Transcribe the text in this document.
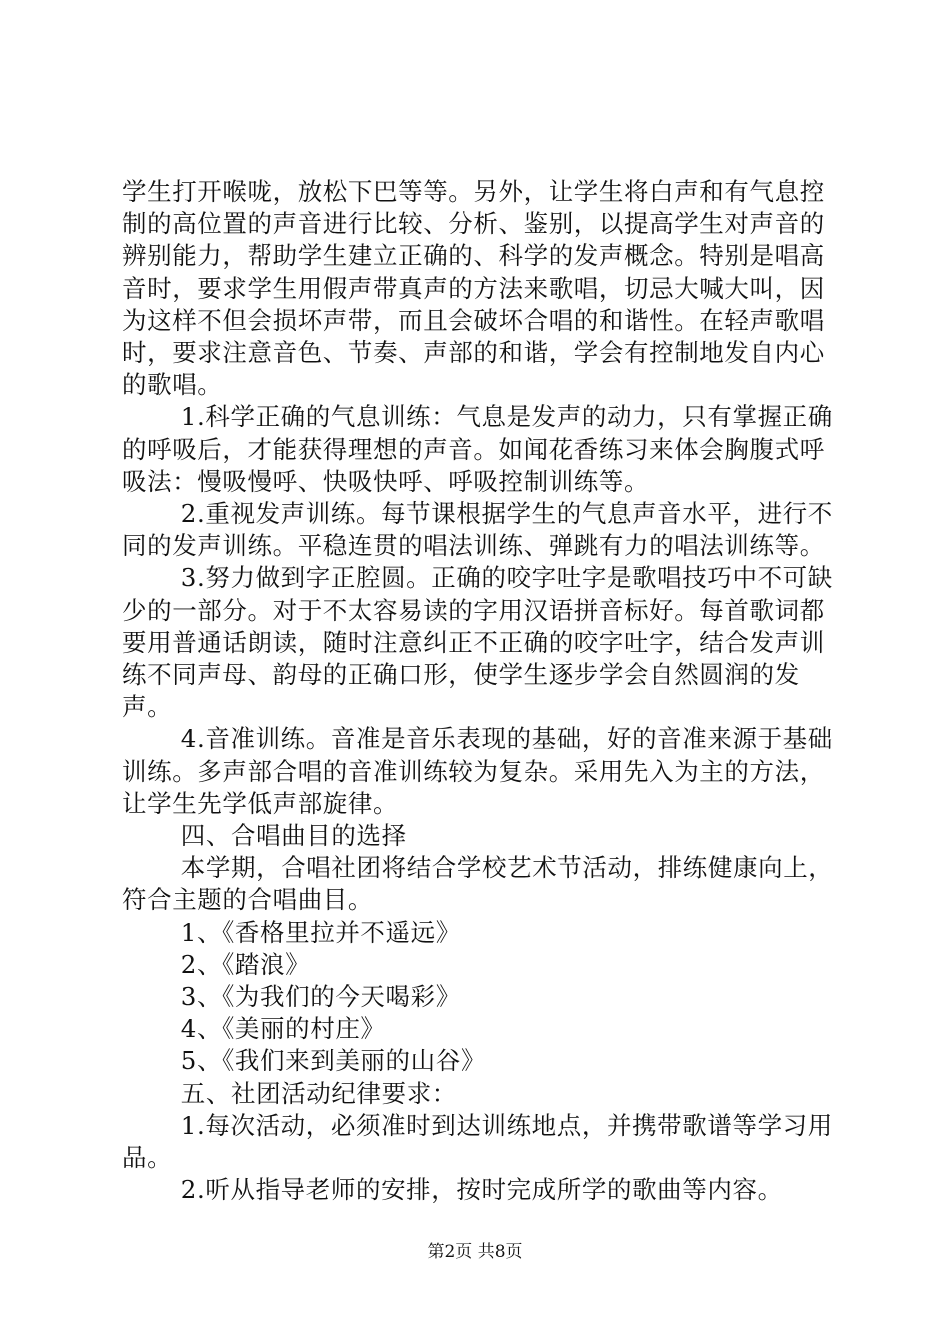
学生打开喉咙，放松下巴等等。另外，让学生将白声和有气息控制的高位置的声音进行比较、分析、鉴别，以提高学生对声音的辨别能力，帮助学生建立正确的、科学的发声概念。特别是唱高音时，要求学生用假声带真声的方法来歌唱，切忌大喊大叫，因为这样不但会损坏声带，而且会破坏合唱的和谐性。在轻声歌唱时，要求注意音色、节奏、声部的和谐，学会有控制地发自内心的歌唱。

1.科学正确的气息训练：气息是发声的动力，只有掌握正确的呼吸后，才能获得理想的声音。如闻花香练习来体会胸腹式呼吸法：慢吸慢呼、快吸快呼、呼吸控制训练等。

2.重视发声训练。每节课根据学生的气息声音水平，进行不同的发声训练。平稳连贯的唱法训练、弹跳有力的唱法训练等。

3.努力做到字正腔圆。正确的咬字吐字是歌唱技巧中不可缺少的一部分。对于不太容易读的字用汉语拼音标好。每首歌词都要用普通话朗读，随时注意纠正不正确的咬字吐字，结合发声训练不同声母、韵母的正确口形，使学生逐步学会自然圆润的发声。

4.音准训练。音准是音乐表现的基础，好的音准来源于基础训练。多声部合唱的音准训练较为复杂。采用先入为主的方法，让学生先学低声部旋律。

四、合唱曲目的选择

本学期，合唱社团将结合学校艺术节活动，排练健康向上，符合主题的合唱曲目。

1、《香格里拉并不遥远》

2、《踏浪》

3、《为我们的今天喝彩》

4、《美丽的村庄》

5、《我们来到美丽的山谷》

五、社团活动纪律要求：

1.每次活动，必须准时到达训练地点，并携带歌谱等学习用品。

2.听从指导老师的安排，按时完成所学的歌曲等内容。

第2页 共8页
